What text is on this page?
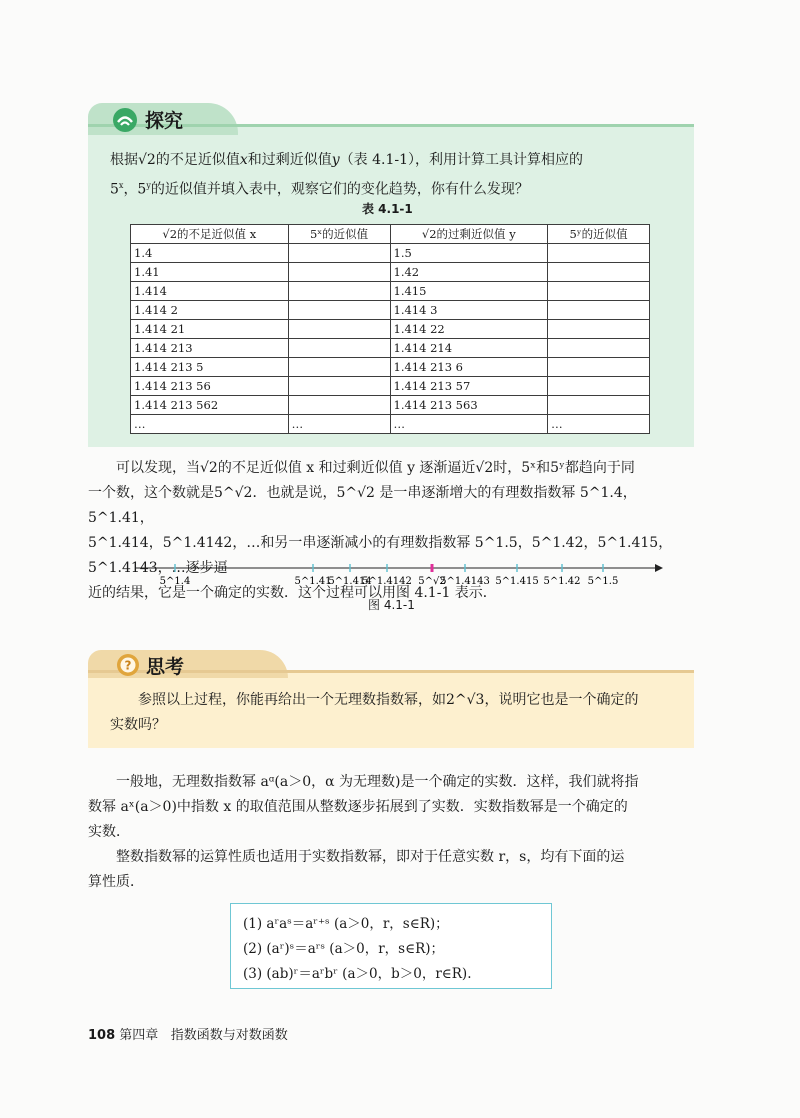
探究
根据√2的不足近似值x和过剩近似值y（表 4.1-1），利用计算工具计算相应的
5$^x$，5$^y$的近似值并填入表中，观察它们的变化趋势，你有什么发现？
表 4.1-1
√2的不足近似值 x	5ˣ的近似值	√2的过剩近似值 y	5ʸ的近似值
1.4		1.5	
1.41		1.42	
1.414		1.415	
1.414 2		1.414 3	
1.414 21		1.414 22	
1.414 213		1.414 214	
1.414 213 5		1.414 213 6	
1.414 213 56		1.414 213 57	
1.414 213 562		1.414 213 563	
…	…	…	…
可以发现，当√2的不足近似值 x 和过剩近似值 y 逐渐逼近√2时，5ˣ和5ʸ都趋向于同
一个数，这个数就是5^√2．也就是说，5^√2 是一串逐渐增大的有理数指数幂 5^1.4，5^1.41，
5^1.414，5^1.4142，…和另一串逐渐减小的有理数指数幂 5^1.5，5^1.42，5^1.415，5^1.4143，…逐步逼
近的结果，它是一个确定的实数．这个过程可以用图 4.1-1 表示．
5^1.4	5^1.41
5^1.414
5^1.4142 5^√2
5^1.4143 5^1.415 5^1.42 5^1.5
图 4.1-1
? 思考
参照以上过程，你能再给出一个无理数指数幂，如2^√3，说明它也是一个确定的
实数吗？
一般地，无理数指数幂 aᵅ(a＞0，α 为无理数)是一个确定的实数．这样，我们就将指
数幂 aˣ(a＞0)中指数 x 的取值范围从整数逐步拓展到了实数．实数指数幂是一个确定的
实数．
整数指数幂的运算性质也适用于实数指数幂，即对于任意实数 r，s，均有下面的运
算性质．
(1) aʳaˢ＝aʳ⁺ˢ (a＞0，r，s∈R)；
(2) (aʳ)ˢ＝aʳˢ (a＞0，r，s∈R)；
(3) (ab)ʳ＝aʳbʳ (a＞0，b＞0，r∈R).
108 第四章 指数函数与对数函数
